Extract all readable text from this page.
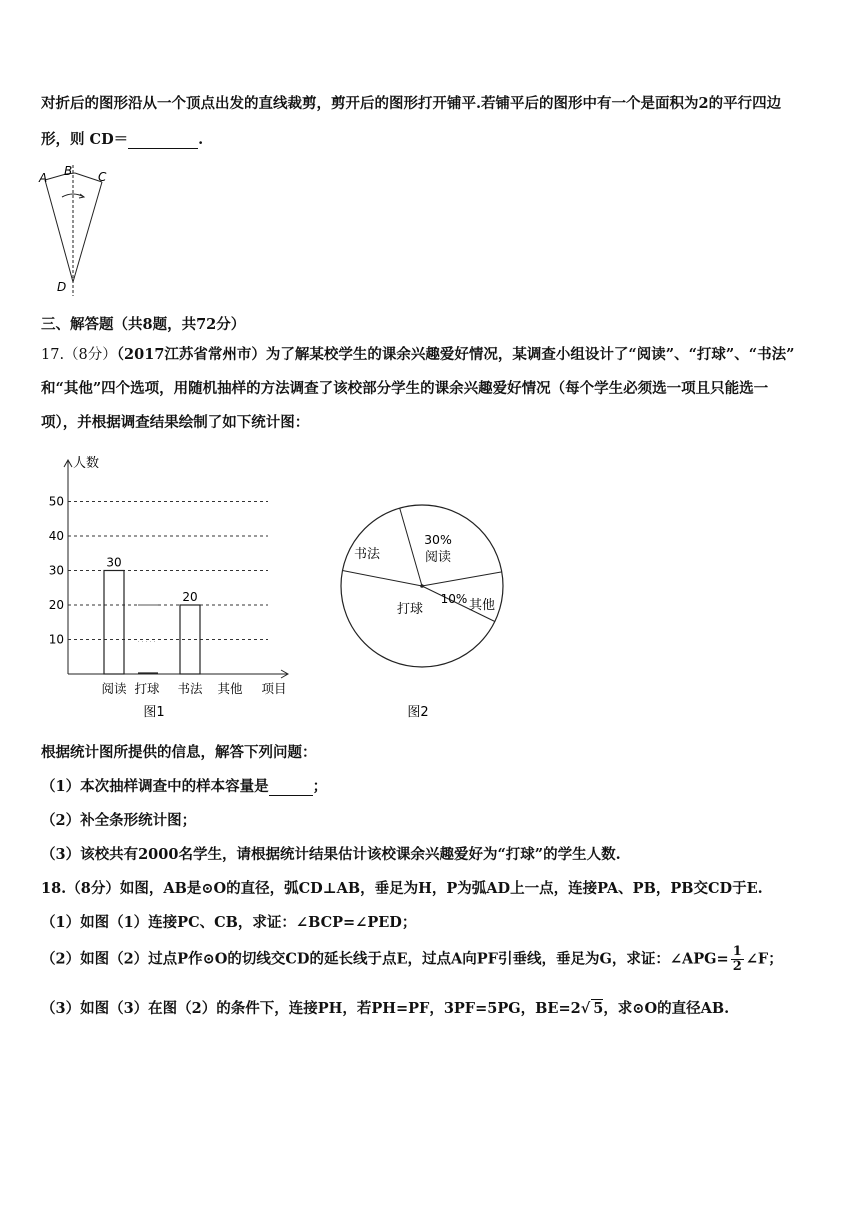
对折后的图形沿从一个顶点出发的直线裁剪，剪开后的图形打开铺平.若铺平后的图形中有一个是面积为2的平行四边
形，则 CD＝	.
A B C
D
三、解答题（共8题，共72分）
17.（8分）（2017江苏省常州市）为了解某校学生的课余兴趣爱好情况，某调查小组设计了“阅读”、“打球”、“书法”
和“其他”四个选项，用随机抽样的方法调查了该校部分学生的课余兴趣爱好情况（每个学生必须选一项且只能选一
项），并根据调查结果绘制了如下统计图：
人数
10
20
30
40
50
阅读
30
打球 书法
20
其他 项目
图1
30%
阅读
10% 其他
打球
书法
图2
根据统计图所提供的信息，解答下列问题：
（1）本次抽样调查中的样本容量是	；
（2）补全条形统计图；
（3）该校共有2000名学生，请根据统计结果估计该校课余兴趣爱好为“打球”的学生人数.
18.（8分）如图，AB是⊙O的直径，弧CD⊥AB，垂足为H，P为弧AD上一点，连接PA、PB，PB交CD于E.
（1）如图（1）连接PC、CB，求证：∠BCP=∠PED；
（2）如图（2）过点P作⊙O的切线交CD的延长线于点E，过点A向PF引垂线，垂足为G，求证：∠APG= $\frac{1}{2}$ ∠F；
（3）如图（3）在图（2）的条件下，连接PH，若PH=PF，3PF=5PG，BE=2√ 5，求⊙O的直径AB.
